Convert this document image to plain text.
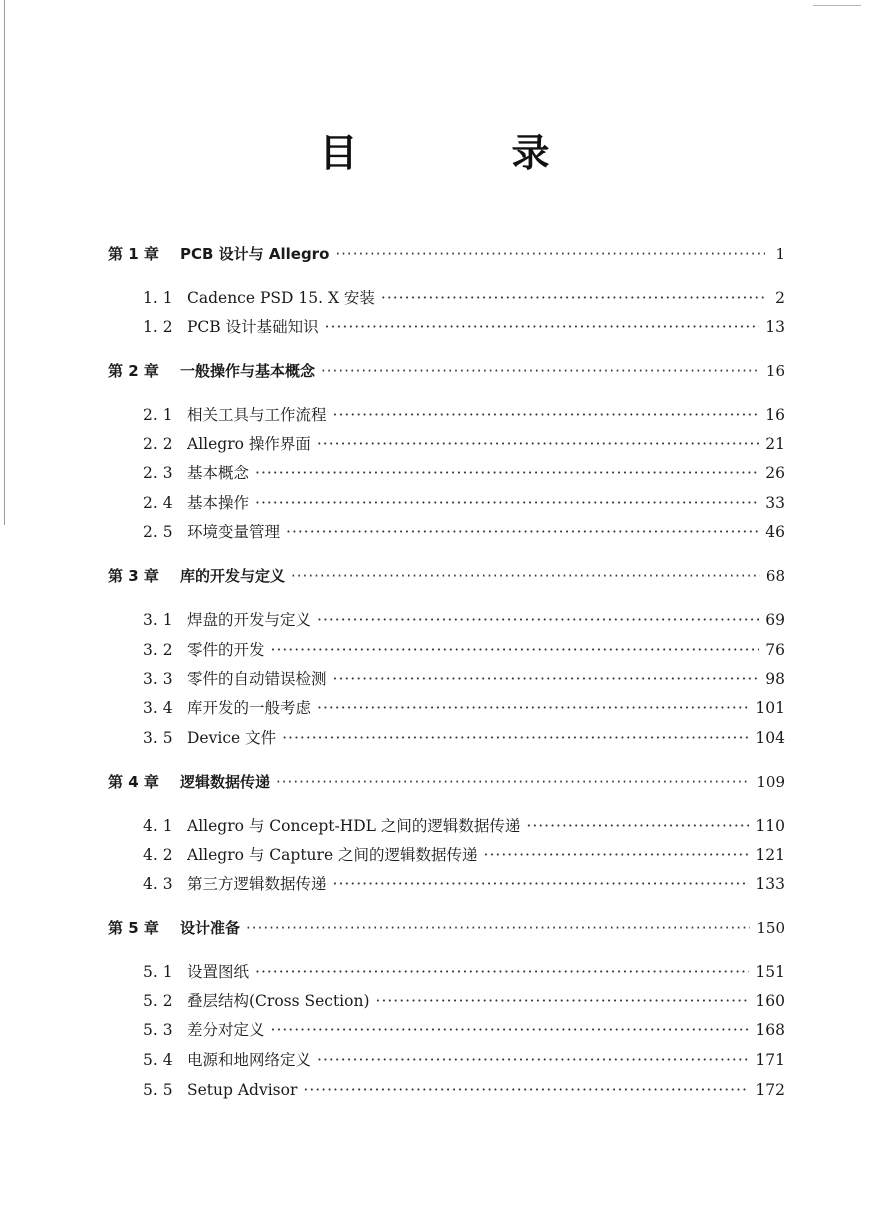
目　录
第 1 章	PCB 设计与 Allegro ·····	1
1. 1 Cadence PSD 15. X 安装 ·····	2
1. 2 PCB 设计基础知识 ·····	13
第 2 章	一般操作与基本概念 ·····	16
2. 1 相关工具与工作流程 ·····	16
2. 2 Allegro 操作界面 ·····	21
2. 3 基本概念 ·····	26
2. 4 基本操作 ·····	33
2. 5 环境变量管理 ·····	46
第 3 章	库的开发与定义 ·····	68
3. 1 焊盘的开发与定义 ·····	69
3. 2 零件的开发 ·····	76
3. 3 零件的自动错误检测 ·····	98
3. 4 库开发的一般考虑 ·····	101
3. 5 Device 文件 ·····	104
第 4 章	逻辑数据传递 ·····	109
4. 1 Allegro 与 Concept-HDL 之间的逻辑数据传递 ·····	110
4. 2 Allegro 与 Capture 之间的逻辑数据传递 ·····	121
4. 3 第三方逻辑数据传递 ·····	133
第 5 章	设计准备 ·····	150
5. 1 设置图纸 ·····	151
5. 2 叠层结构(Cross Section) ·····	160
5. 3 差分对定义 ·····	168
5. 4 电源和地网络定义 ·····	171
5. 5 Setup Advisor ·····	172
